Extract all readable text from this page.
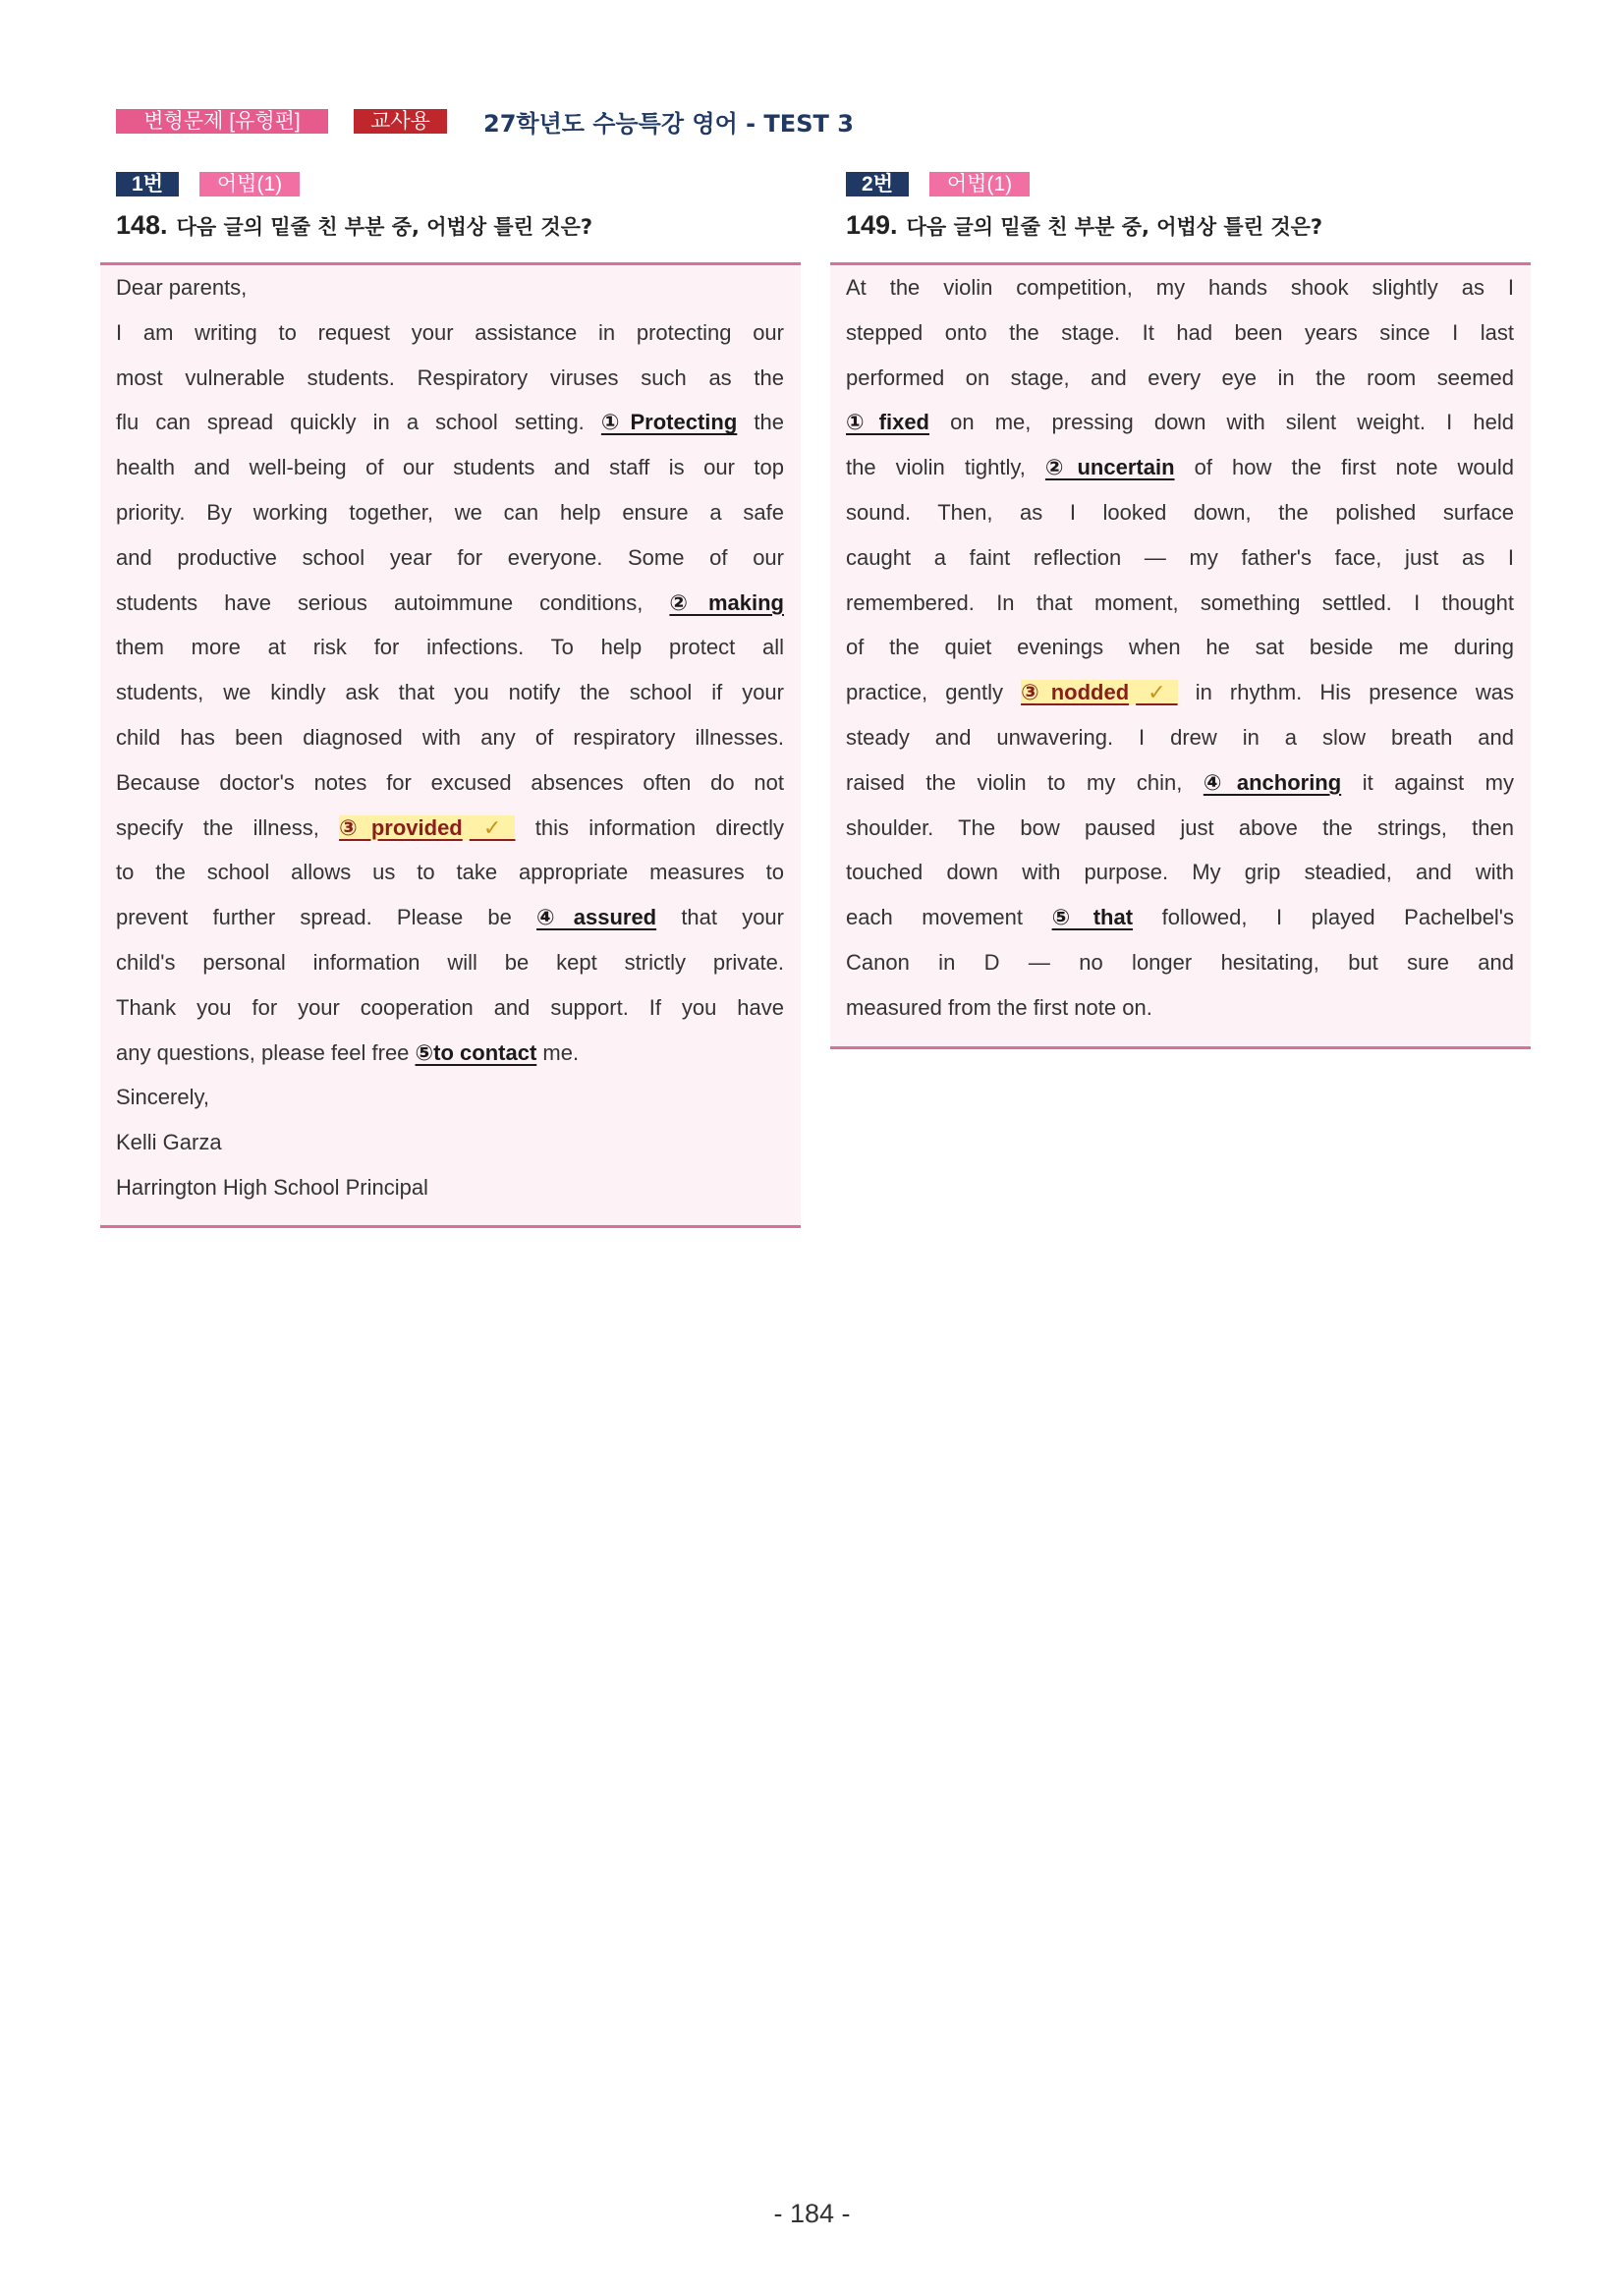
변형문제 [유형편]	교사용	27학년도 수능특강 영어 - TEST 3
1번	어법(1)
148. 다음 글의 밑줄 친 부분 중, 어법상 틀린 것은?
Dear parents,
I am writing to request your assistance in protecting our
most vulnerable students. Respiratory viruses such as the
flu can spread quickly in a school setting. ①Protecting the
health and well-being of our students and staff is our top
priority. By working together, we can help ensure a safe
and productive school year for everyone. Some of our
students have serious autoimmune conditions, ②making
them more at risk for infections. To help protect all
students, we kindly ask that you notify the school if your
child has been diagnosed with any of respiratory illnesses.
Because doctor's notes for excused absences often do not
specify the illness, ③provided ✓ this information directly
to the school allows us to take appropriate measures to
prevent further spread. Please be ④assured that your
child's personal information will be kept strictly private.
Thank you for your cooperation and support. If you have
any questions, please feel free ⑤to contact me.
Sincerely,
Kelli Garza
Harrington High School Principal
2번	어법(1)
149. 다음 글의 밑줄 친 부분 중, 어법상 틀린 것은?
At the violin competition, my hands shook slightly as I
stepped onto the stage. It had been years since I last
performed on stage, and every eye in the room seemed
①fixed on me, pressing down with silent weight. I held
the violin tightly, ②uncertain of how the first note would
sound. Then, as I looked down, the polished surface
caught a faint reflection — my father's face, just as I
remembered. In that moment, something settled. I thought
of the quiet evenings when he sat beside me during
practice, gently ③nodded ✓ in rhythm. His presence was
steady and unwavering. I drew in a slow breath and
raised the violin to my chin, ④anchoring it against my
shoulder. The bow paused just above the strings, then
touched down with purpose. My grip steadied, and with
each movement ⑤that followed, I played Pachelbel's
Canon in D — no longer hesitating, but sure and
measured from the first note on.
- 184 -
